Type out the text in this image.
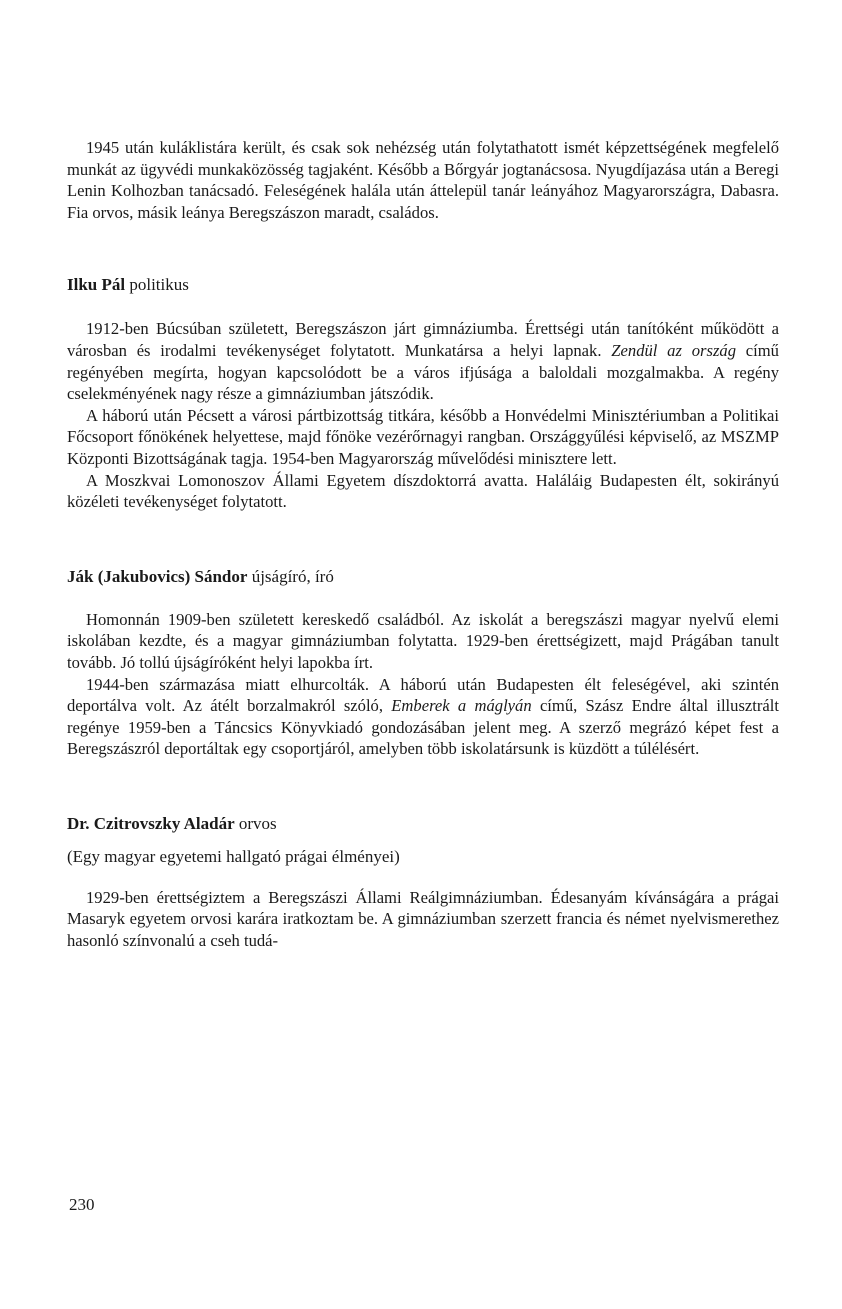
1945 után kuláklistára került, és csak sok nehézség után folytathatott ismét képzettségének megfelelő munkát az ügyvédi munkaközösség tagjaként. Később a Bőrgyár jogtanácsosa. Nyugdíjazása után a Beregi Lenin Kolhozban tanácsadó. Feleségének halála után áttelepül tanár leányához Magyarországra, Dabasra. Fia orvos, másik leánya Beregszászon maradt, családos.

Ilku Pál politikus

1912-ben Búcsúban született, Beregszászon járt gimnáziumba. Érettségi után tanítóként működött a városban és irodalmi tevékenységet folytatott. Munkatársa a helyi lapnak. Zendül az ország című regényében megírta, hogyan kapcsolódott be a város ifjúsága a baloldali mozgalmakba. A regény cselekményének nagy része a gimnáziumban játszódik.

A háború után Pécsett a városi pártbizottság titkára, később a Honvédelmi Minisztériumban a Politikai Főcsoport főnökének helyettese, majd főnöke vezérőrnagyi rangban. Országgyűlési képviselő, az MSZMP Központi Bizottságának tagja. 1954-ben Magyarország művelődési minisztere lett.

A Moszkvai Lomonoszov Állami Egyetem díszdoktorrá avatta. Haláláig Budapesten élt, sokirányú közéleti tevékenységet folytatott.

Ják (Jakubovics) Sándor újságíró, író

Homonnán 1909-ben született kereskedő családból. Az iskolát a beregszászi magyar nyelvű elemi iskolában kezdte, és a magyar gimnáziumban folytatta. 1929-ben érettségizett, majd Prágában tanult tovább. Jó tollú újságíróként helyi lapokba írt.

1944-ben származása miatt elhurcolták. A háború után Budapesten élt feleségével, aki szintén deportálva volt. Az átélt borzalmakról szóló, Emberek a máglyán című, Szász Endre által illusztrált regénye 1959-ben a Táncsics Könyvkiadó gondozásában jelent meg. A szerző megrázó képet fest a Beregszászról deportáltak egy csoportjáról, amelyben több iskolatársunk is küzdött a túlélésért.

Dr. Czitrovszky Aladár orvos

(Egy magyar egyetemi hallgató prágai élményei)

1929-ben érettségiztem a Beregszászi Állami Reálgimnáziumban. Édesanyám kívánságára a prágai Masaryk egyetem orvosi karára iratkoztam be. A gimnáziumban szerzett francia és német nyelvismerethez hasonló színvonalú a cseh tudá-

230
